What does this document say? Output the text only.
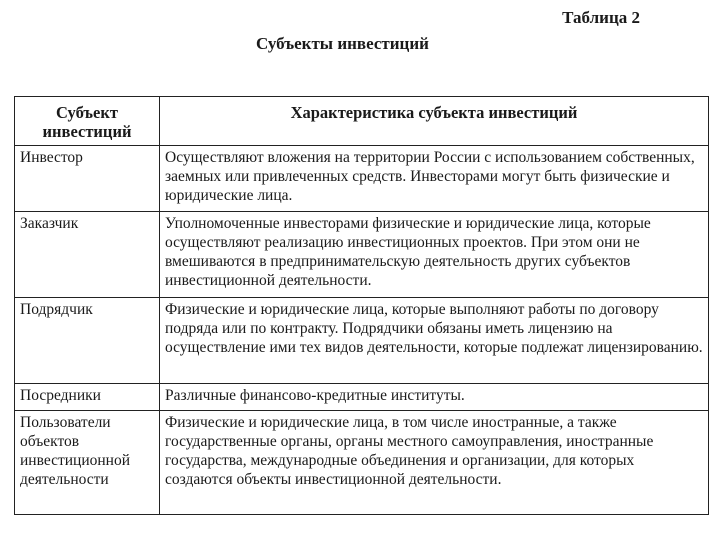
Таблица 2
Субъекты инвестиций
Субъект инвестиций	Характеристика субъекта инвестиций
Инвестор	Осуществляют вложения на территории России с использованием собственных, заемных или привлеченных средств. Инвесторами могут быть физические и юридические лица.
Заказчик	Уполномоченные инвесторами физические и юридические лица, которые осуществляют реализацию инвестиционных проектов. При этом они не вмешиваются в предпринимательскую деятельность других субъектов инвестиционной деятельности.
Подрядчик	Физические и юридические лица, которые выполняют работы по договору подряда или по контракту. Подрядчики обязаны иметь лицензию на осуществление ими тех видов деятельности, которые подлежат лицензированию.
Посредники	Различные финансово-кредитные институты.
Пользователи объектов инвестиционной деятельности	Физические и юридические лица, в том числе иностранные, а также государственные органы, органы местного самоуправления, иностранные государства, международные объединения и организации, для которых создаются объекты инвестиционной деятельности.
